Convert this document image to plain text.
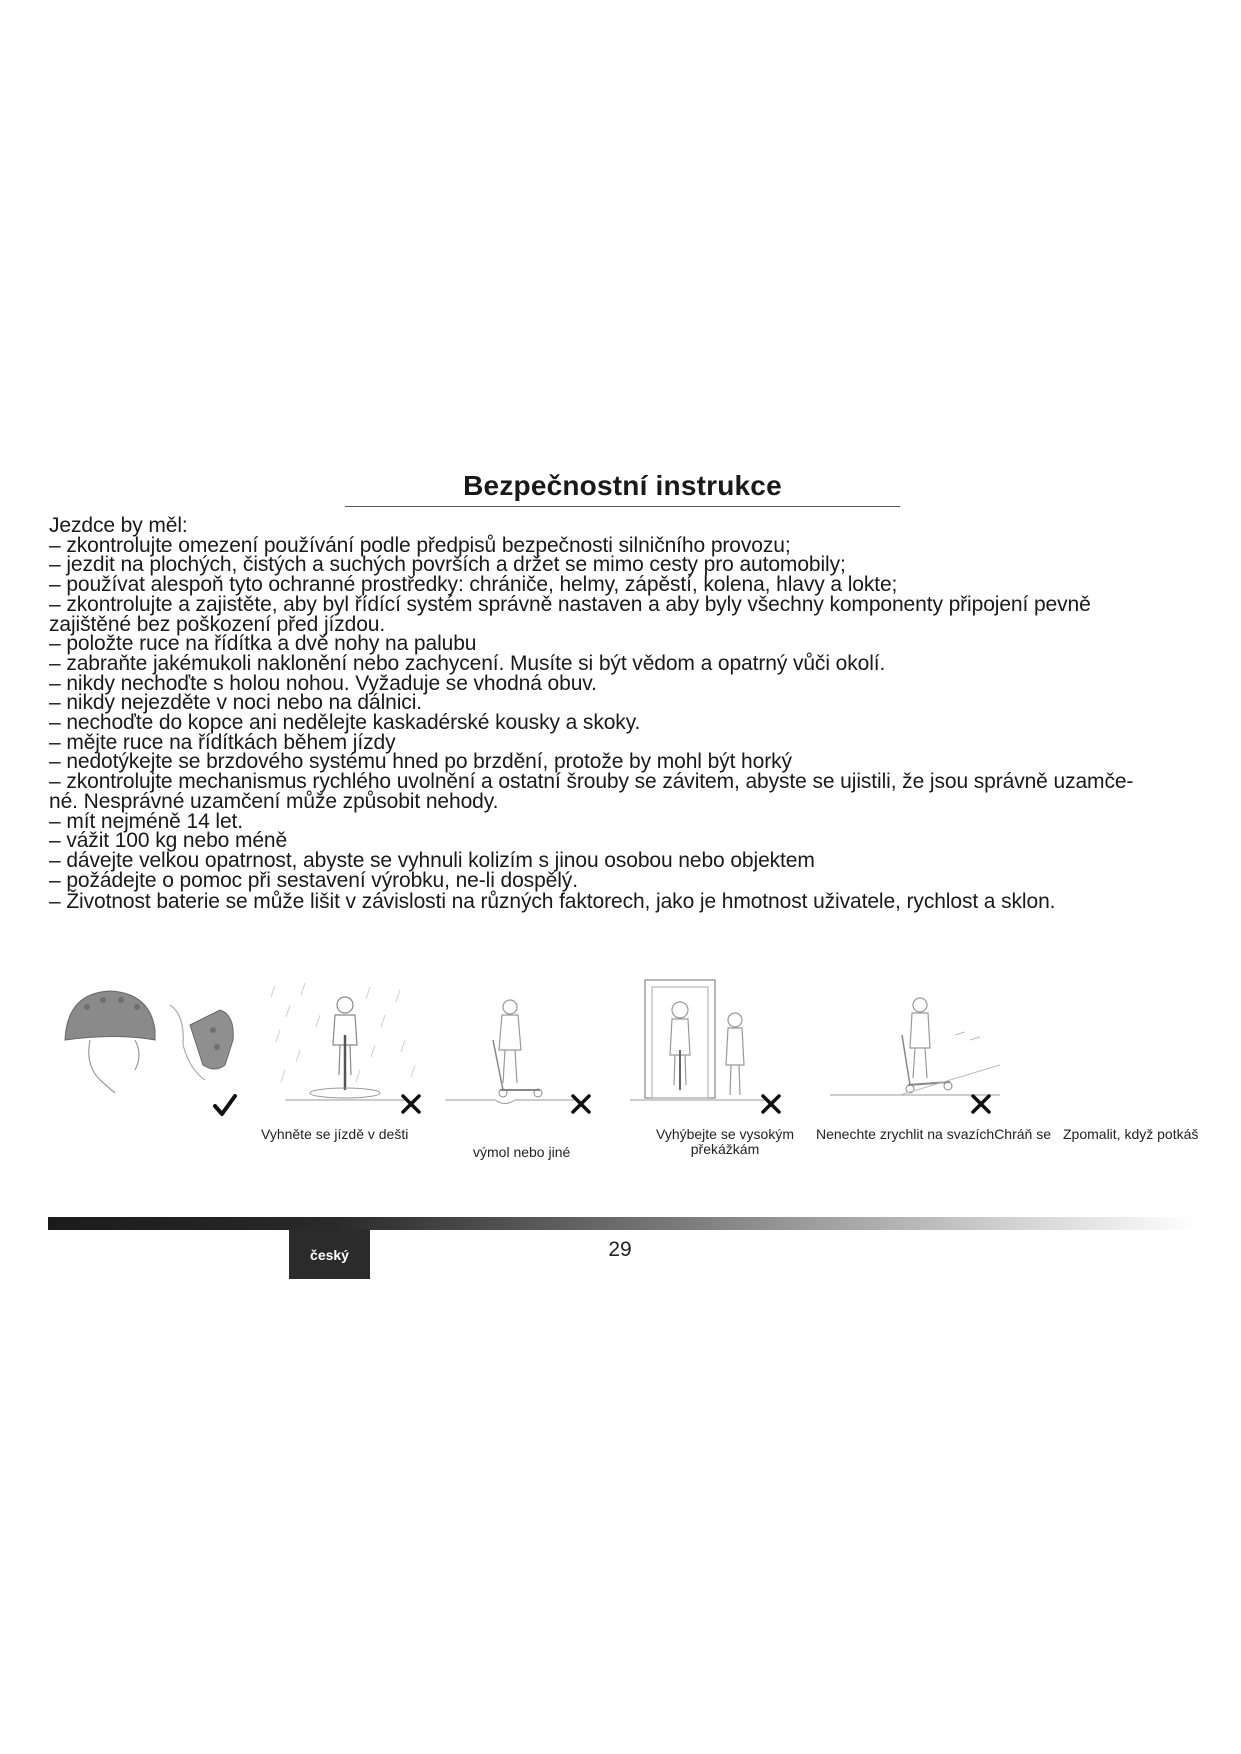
Bezpečnostní instrukce
Jezdce by měl:
– zkontrolujte omezení používání podle předpisů bezpečnosti silničního provozu;
– jezdit na plochých, čistých a suchých površích a držet se mimo cesty pro automobily;
– používat alespoň tyto ochranné prostředky: chrániče, helmy, zápěstí, kolena, hlavy a lokte;
– zkontrolujte a zajistěte, aby byl řídící systém správně nastaven a aby byly všechny komponenty připojení pevně
zajištěné bez poškození před jízdou.
– položte ruce na řídítka a dvě nohy na palubu
– zabraňte jakémukoli naklonění nebo zachycení. Musíte si být vědom a opatrný vůči okolí.
– nikdy nechoďte s holou nohou. Vyžaduje se vhodná obuv.
– nikdy nejezděte v noci nebo na dálnici.
– nechoďte do kopce ani nedělejte kaskadérské kousky a skoky.
– mějte ruce na řídítkách během jízdy
– nedotýkejte se brzdového systému hned po brzdění, protože by mohl být horký
– zkontrolujte mechanismus rychlého uvolnění a ostatní šrouby se závitem, abyste se ujistili, že jsou správně uzamče-
né. Nesprávné uzamčení může způsobit nehody.
– mít nejméně 14 let.
– vážit 100 kg nebo méně
– dávejte velkou opatrnost, abyste se vyhnuli kolizím s jinou osobou nebo objektem
– požádejte o pomoc při sestavení výrobku, ne-li dospělý.
– Životnost baterie se může lišit v závislosti na různých faktorech, jako je hmotnost uživatele, rychlost a sklon.
Vyhněte se jízdě v dešti
výmol nebo jiné
Vyhýbejte se vysokým
překážkám
Nenechte zrychlit na svazíchChráň se Zpomalit, když potkáš
český	29
